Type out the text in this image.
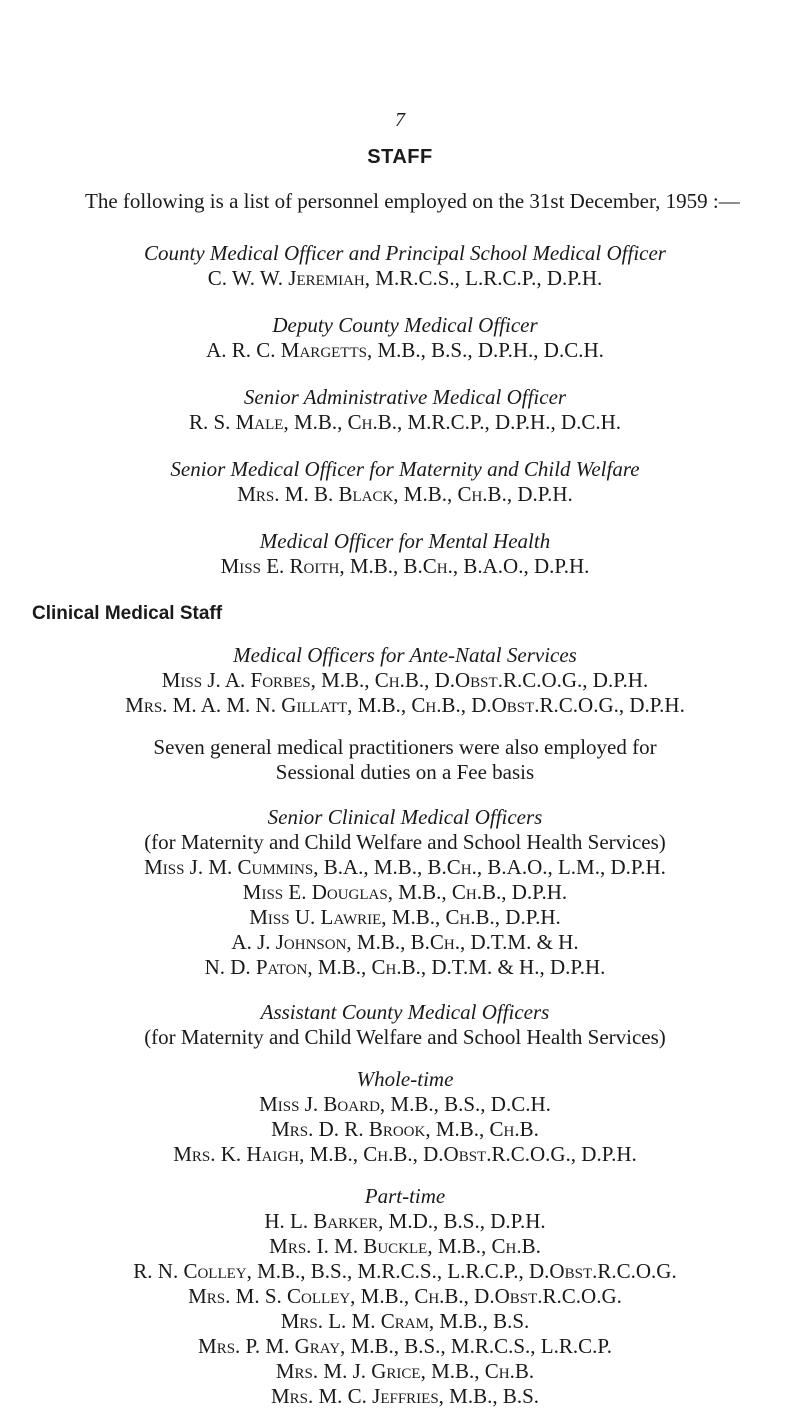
7
STAFF
The following is a list of personnel employed on the 31st December, 1959 :—

County Medical Officer and Principal School Medical Officer

C. W. W. Jeremiah, M.R.C.S., L.R.C.P., D.P.H.

Deputy County Medical Officer

A. R. C. Margetts, M.B., B.S., D.P.H., D.C.H.

Senior Administrative Medical Officer

R. S. Male, M.B., Ch.B., M.R.C.P., D.P.H., D.C.H.

Senior Medical Officer for Maternity and Child Welfare

Mrs. M. B. Black, M.B., Ch.B., D.P.H.

Medical Officer for Mental Health

Miss E. Roith, M.B., B.Ch., B.A.O., D.P.H.

Clinical Medical Staff

Medical Officers for Ante-Natal Services

Miss J. A. Forbes, M.B., Ch.B., D.Obst.R.C.O.G., D.P.H.

Mrs. M. A. M. N. Gillatt, M.B., Ch.B., D.Obst.R.C.O.G., D.P.H.

Seven general medical practitioners were also employed for

Sessional duties on a Fee basis

Senior Clinical Medical Officers

(for Maternity and Child Welfare and School Health Services)

Miss J. M. Cummins, B.A., M.B., B.Ch., B.A.O., L.M., D.P.H.

Miss E. Douglas, M.B., Ch.B., D.P.H.

Miss U. Lawrie, M.B., Ch.B., D.P.H.

A. J. Johnson, M.B., B.Ch., D.T.M. & H.

N. D. Paton, M.B., Ch.B., D.T.M. & H., D.P.H.

Assistant County Medical Officers

(for Maternity and Child Welfare and School Health Services)

Whole-time

Miss J. Board, M.B., B.S., D.C.H.

Mrs. D. R. Brook, M.B., Ch.B.

Mrs. K. Haigh, M.B., Ch.B., D.Obst.R.C.O.G., D.P.H.

Part-time

H. L. Barker, M.D., B.S., D.P.H.

Mrs. I. M. Buckle, M.B., Ch.B.

R. N. Colley, M.B., B.S., M.R.C.S., L.R.C.P., D.Obst.R.C.O.G.

Mrs. M. S. Colley, M.B., Ch.B., D.Obst.R.C.O.G.

Mrs. L. M. Cram, M.B., B.S.

Mrs. P. M. Gray, M.B., B.S., M.R.C.S., L.R.C.P.

Mrs. M. J. Grice, M.B., Ch.B.

Mrs. M. C. Jeffries, M.B., B.S.
